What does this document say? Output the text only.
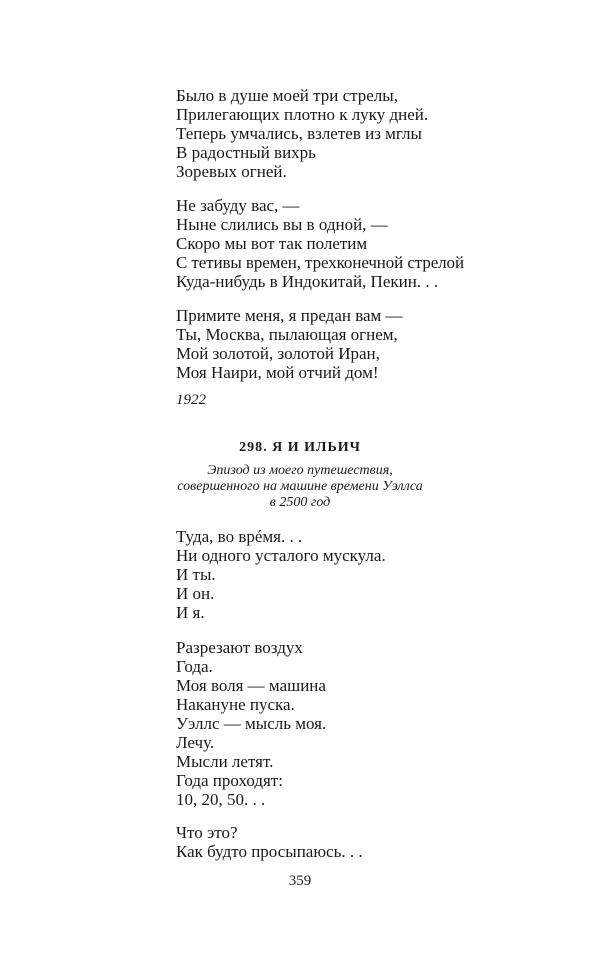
Было в душе моей три стрелы,
Прилегающих плотно к луку дней.
Теперь умчались, взлетев из мглы
В радостный вихрь
Зоревых огней.
Не забуду вас, —
Ныне слились вы в одной, —
Скоро мы вот так полетим
С тетивы времен, трехконечной стрелой
Куда-нибудь в Индокитай, Пекин. . .
Примите меня, я предан вам —
Ты, Москва, пылающая огнем,
Мой золотой, золотой Иран,
Моя Наири, мой отчий дом!
1922
298. Я И ИЛЬИЧ
Эпизод из моего путешествия,
совершенного на машине времени Уэллса
в 2500 год
Туда, во врéмя. . .
Ни одного усталого мускула.
И ты.
И он.
И я.
Разрезают воздух
Года.
Моя воля — машина
Накануне пуска.
Уэллс — мысль моя.
Лечу.
Мысли летят.
Года проходят:
10, 20, 50. . .
Что это?
Как будто просыпаюсь. . .
359
